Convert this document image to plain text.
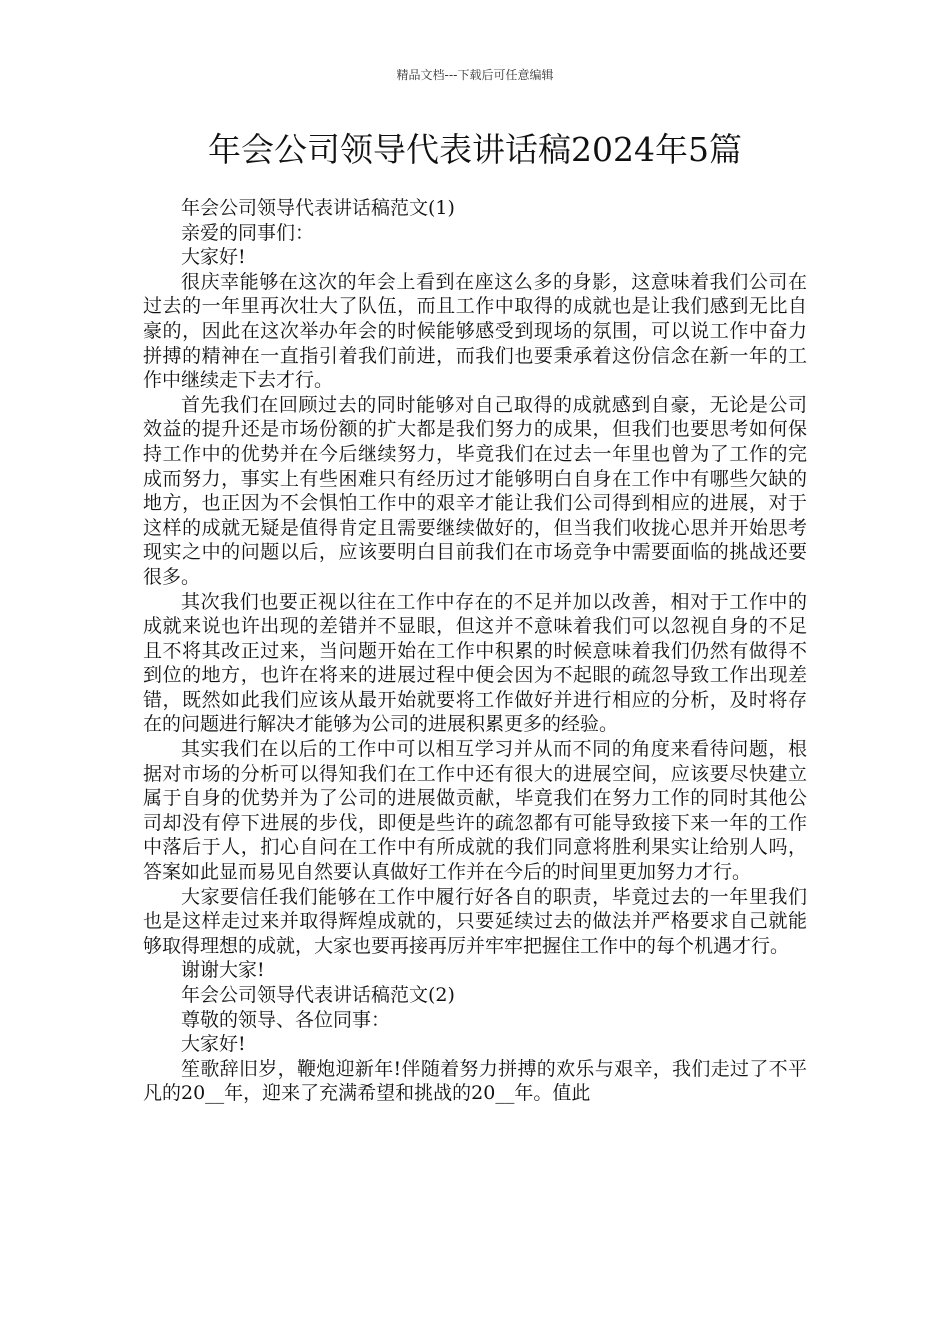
精品文档---下载后可任意编辑
年会公司领导代表讲话稿2024年5篇

年会公司领导代表讲话稿范文(1)

亲爱的同事们：

大家好!

很庆幸能够在这次的年会上看到在座这么多的身影，这意味着我们公司在过去的一年里再次壮大了队伍，而且工作中取得的成就也是让我们感到无比自豪的，因此在这次举办年会的时候能够感受到现场的氛围，可以说工作中奋力拼搏的精神在一直指引着我们前进，而我们也要秉承着这份信念在新一年的工作中继续走下去才行。

首先我们在回顾过去的同时能够对自己取得的成就感到自豪，无论是公司效益的提升还是市场份额的扩大都是我们努力的成果，但我们也要思考如何保持工作中的优势并在今后继续努力，毕竟我们在过去一年里也曾为了工作的完成而努力，事实上有些困难只有经历过才能够明白自身在工作中有哪些欠缺的地方，也正因为不会惧怕工作中的艰辛才能让我们公司得到相应的进展，对于这样的成就无疑是值得肯定且需要继续做好的，但当我们收拢心思并开始思考现实之中的问题以后，应该要明白目前我们在市场竞争中需要面临的挑战还要很多。

其次我们也要正视以往在工作中存在的不足并加以改善，相对于工作中的成就来说也许出现的差错并不显眼，但这并不意味着我们可以忽视自身的不足且不将其改正过来，当问题开始在工作中积累的时候意味着我们仍然有做得不到位的地方，也许在将来的进展过程中便会因为不起眼的疏忽导致工作出现差错，既然如此我们应该从最开始就要将工作做好并进行相应的分析，及时将存在的问题进行解决才能够为公司的进展积累更多的经验。

其实我们在以后的工作中可以相互学习并从而不同的角度来看待问题，根据对市场的分析可以得知我们在工作中还有很大的进展空间，应该要尽快建立属于自身的优势并为了公司的进展做贡献，毕竟我们在努力工作的同时其他公司却没有停下进展的步伐，即便是些许的疏忽都有可能导致接下来一年的工作中落后于人，扪心自问在工作中有所成就的我们同意将胜利果实让给别人吗，答案如此显而易见自然要认真做好工作并在今后的时间里更加努力才行。

大家要信任我们能够在工作中履行好各自的职责，毕竟过去的一年里我们也是这样走过来并取得辉煌成就的，只要延续过去的做法并严格要求自己就能够取得理想的成就，大家也要再接再厉并牢牢把握住工作中的每个机遇才行。

谢谢大家!

年会公司领导代表讲话稿范文(2)

尊敬的领导、各位同事：

大家好!

笙歌辞旧岁，鞭炮迎新年!伴随着努力拼搏的欢乐与艰辛，我们走过了不平凡的20__年，迎来了充满希望和挑战的20__年。值此
